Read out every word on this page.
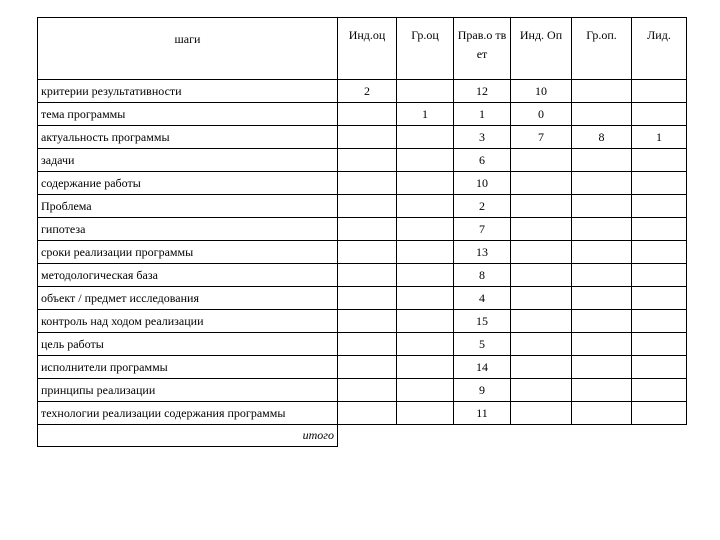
шаги	Инд.оц	Гр.оц	Прав.о тв ет	Инд. Оп	Гр.оп.	Лид.
критерии результативности	2		12	10		
тема программы		1	1	0		
актуальность программы			3	7	8	1
задачи			6			
содержание работы			10			
Проблема			2			
гипотеза			7			
сроки реализации программы			13			
методологическая база			8			
объект / предмет исследования			4			
контроль над ходом реализации			15			
цель работы			5			
исполнители программы			14			
принципы реализации			9			
технологии реализации содержания программы			11			
итого						
